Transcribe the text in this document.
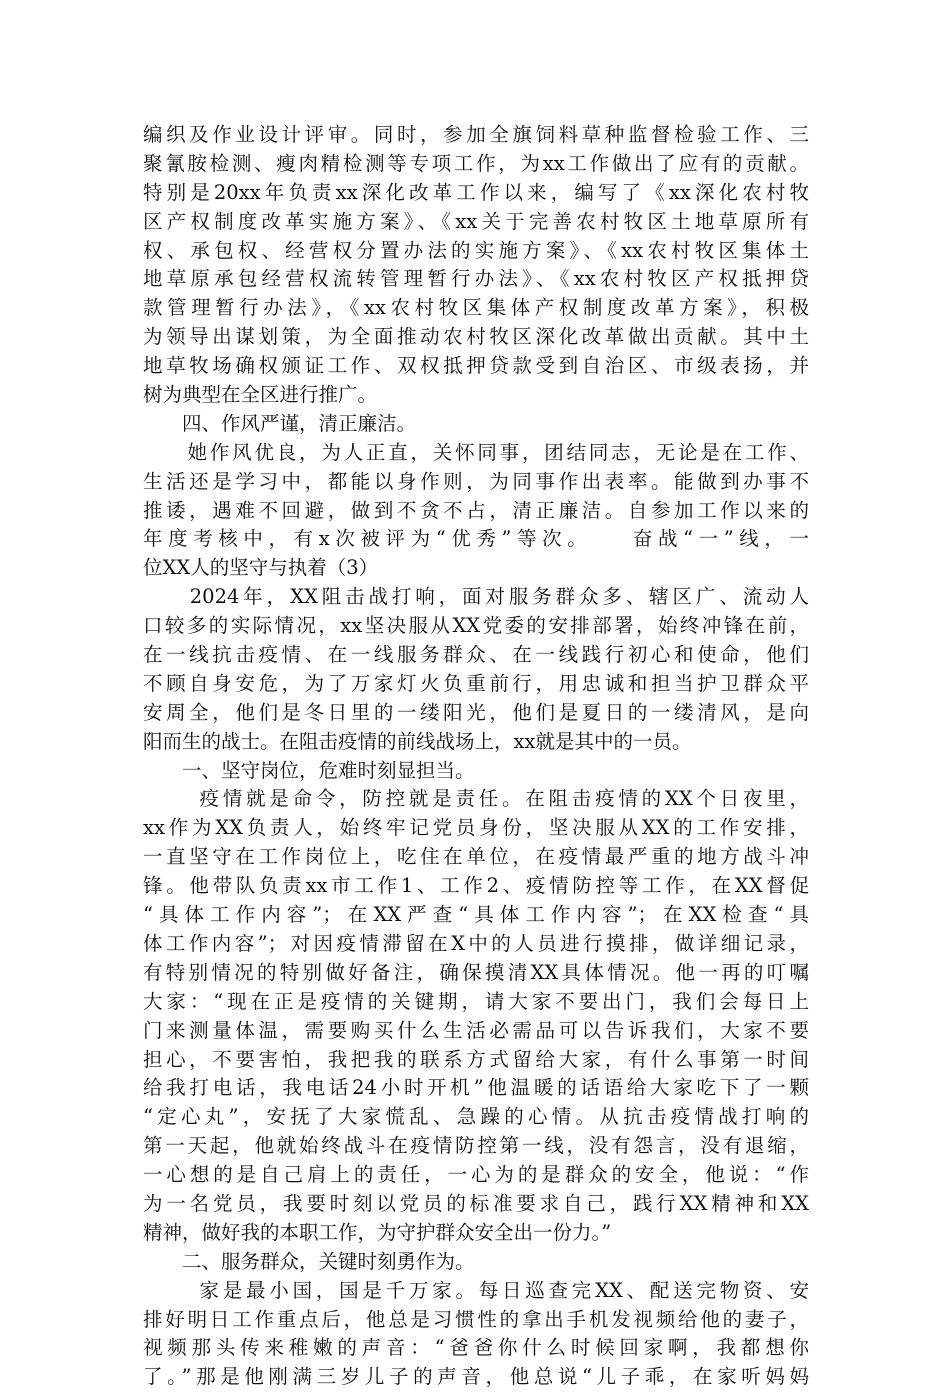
编织及作业设计评审。同时，参加全旗饲料草种监督检验工作、三
聚氰胺检测、瘦肉精检测等专项工作，为xx工作做出了应有的贡献。
特别是20xx年负责xx深化改革工作以来，编写了《xx深化农村牧
区产权制度改革实施方案》、《xx关于完善农村牧区土地草原所有
权、承包权、经营权分置办法的实施方案》、《xx农村牧区集体土
地草原承包经营权流转管理暂行办法》、《xx农村牧区产权抵押贷
款管理暂行办法》，《xx农村牧区集体产权制度改革方案》，积极
为领导出谋划策，为全面推动农村牧区深化改革做出贡献。其中土
地草牧场确权颁证工作、双权抵押贷款受到自治区、市级表扬，并
树为典型在全区进行推广。
四、作风严谨，清正廉洁。
　　她作风优良，为人正直，关怀同事，团结同志，无论是在工作、
生活还是学习中，都能以身作则，为同事作出表率。能做到办事不
推诿，遇难不回避，做到不贪不占，清正廉洁。自参加工作以来的
年度考核中，有x次被评为“优秀”等次。　　奋战“一”线，一
位XX人的坚守与执着（3）
　　2024年，XX阻击战打响，面对服务群众多、辖区广、流动人
口较多的实际情况，xx坚决服从XX党委的安排部署，始终冲锋在前，
在一线抗击疫情、在一线服务群众、在一线践行初心和使命，他们
不顾自身安危，为了万家灯火负重前行，用忠诚和担当护卫群众平
安周全，他们是冬日里的一缕阳光，他们是夏日的一缕清风，是向
阳而生的战士。在阻击疫情的前线战场上，xx就是其中的一员。
一、坚守岗位，危难时刻显担当。
　　 疫情就是命令，防控就是责任。在阻击疫情的XX个日夜里，
xx作为XX负责人，始终牢记党员身份，坚决服从XX的工作安排，
一直坚守在工作岗位上，吃住在单位，在疫情最严重的地方战斗冲
锋。他带队负责xx市工作1、工作2、疫情防控等工作，在XX督促
“具体工作内容”；在XX严查“具体工作内容”；在XX检查“具
体工作内容”；对因疫情滞留在X中的人员进行摸排，做详细记录，
有特别情况的特别做好备注，确保摸清XX具体情况。他一再的叮嘱
大家：“现在正是疫情的关键期，请大家不要出门，我们会每日上
门来测量体温，需要购买什么生活必需品可以告诉我们，大家不要
担心，不要害怕，我把我的联系方式留给大家，有什么事第一时间
给我打电话，我电话24小时开机”他温暖的话语给大家吃下了一颗
“定心丸”，安抚了大家慌乱、急躁的心情。从抗击疫情战打响的
第一天起，他就始终战斗在疫情防控第一线，没有怨言，没有退缩，
一心想的是自己肩上的责任，一心为的是群众的安全，他说：“作
为一名党员，我要时刻以党员的标准要求自己，践行XX精神和XX
精神，做好我的本职工作，为守护群众安全出一份力。”
二、服务群众，关键时刻勇作为。
　　 家是最小国，国是千万家。每日巡查完XX、配送完物资、安
排好明日工作重点后，他总是习惯性的拿出手机发视频给他的妻子，
视频那头传来稚嫩的声音：“爸爸你什么时候回家啊，我都想你
了。”那是他刚满三岁儿子的声音，他总说“儿子乖，在家听妈妈
